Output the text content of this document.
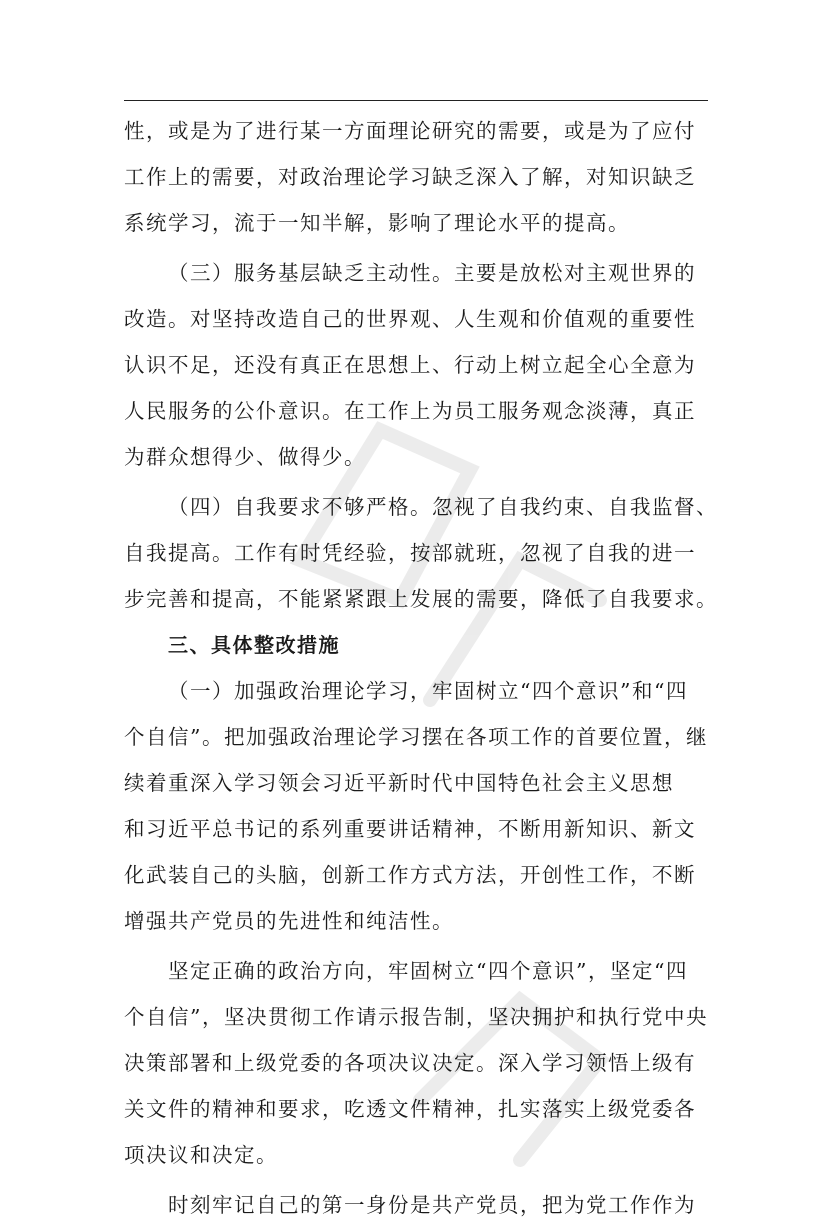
性，或是为了进行某一方面理论研究的需要，或是为了应付
工作上的需要，对政治理论学习缺乏深入了解，对知识缺乏
系统学习，流于一知半解，影响了理论水平的提高。
（三）服务基层缺乏主动性。主要是放松对主观世界的
改造。对坚持改造自己的世界观、人生观和价值观的重要性
认识不足，还没有真正在思想上、行动上树立起全心全意为
人民服务的公仆意识。在工作上为员工服务观念淡薄，真正
为群众想得少、做得少。
（四）自我要求不够严格。忽视了自我约束、自我监督、
自我提高。工作有时凭经验，按部就班，忽视了自我的进一
步完善和提高，不能紧紧跟上发展的需要，降低了自我要求。
三、具体整改措施
（一）加强政治理论学习，牢固树立“四个意识”和“四
个自信”。把加强政治理论学习摆在各项工作的首要位置，继
续着重深入学习领会习近平新时代中国特色社会主义思想
和习近平总书记的系列重要讲话精神，不断用新知识、新文
化武装自己的头脑，创新工作方式方法，开创性工作，不断
增强共产党员的先进性和纯洁性。
坚定正确的政治方向，牢固树立“四个意识”，坚定“四
个自信”，坚决贯彻工作请示报告制，坚决拥护和执行党中央
决策部署和上级党委的各项决议决定。深入学习领悟上级有
关文件的精神和要求，吃透文件精神，扎实落实上级党委各
项决议和决定。
时刻牢记自己的第一身份是共产党员，把为党工作作为
